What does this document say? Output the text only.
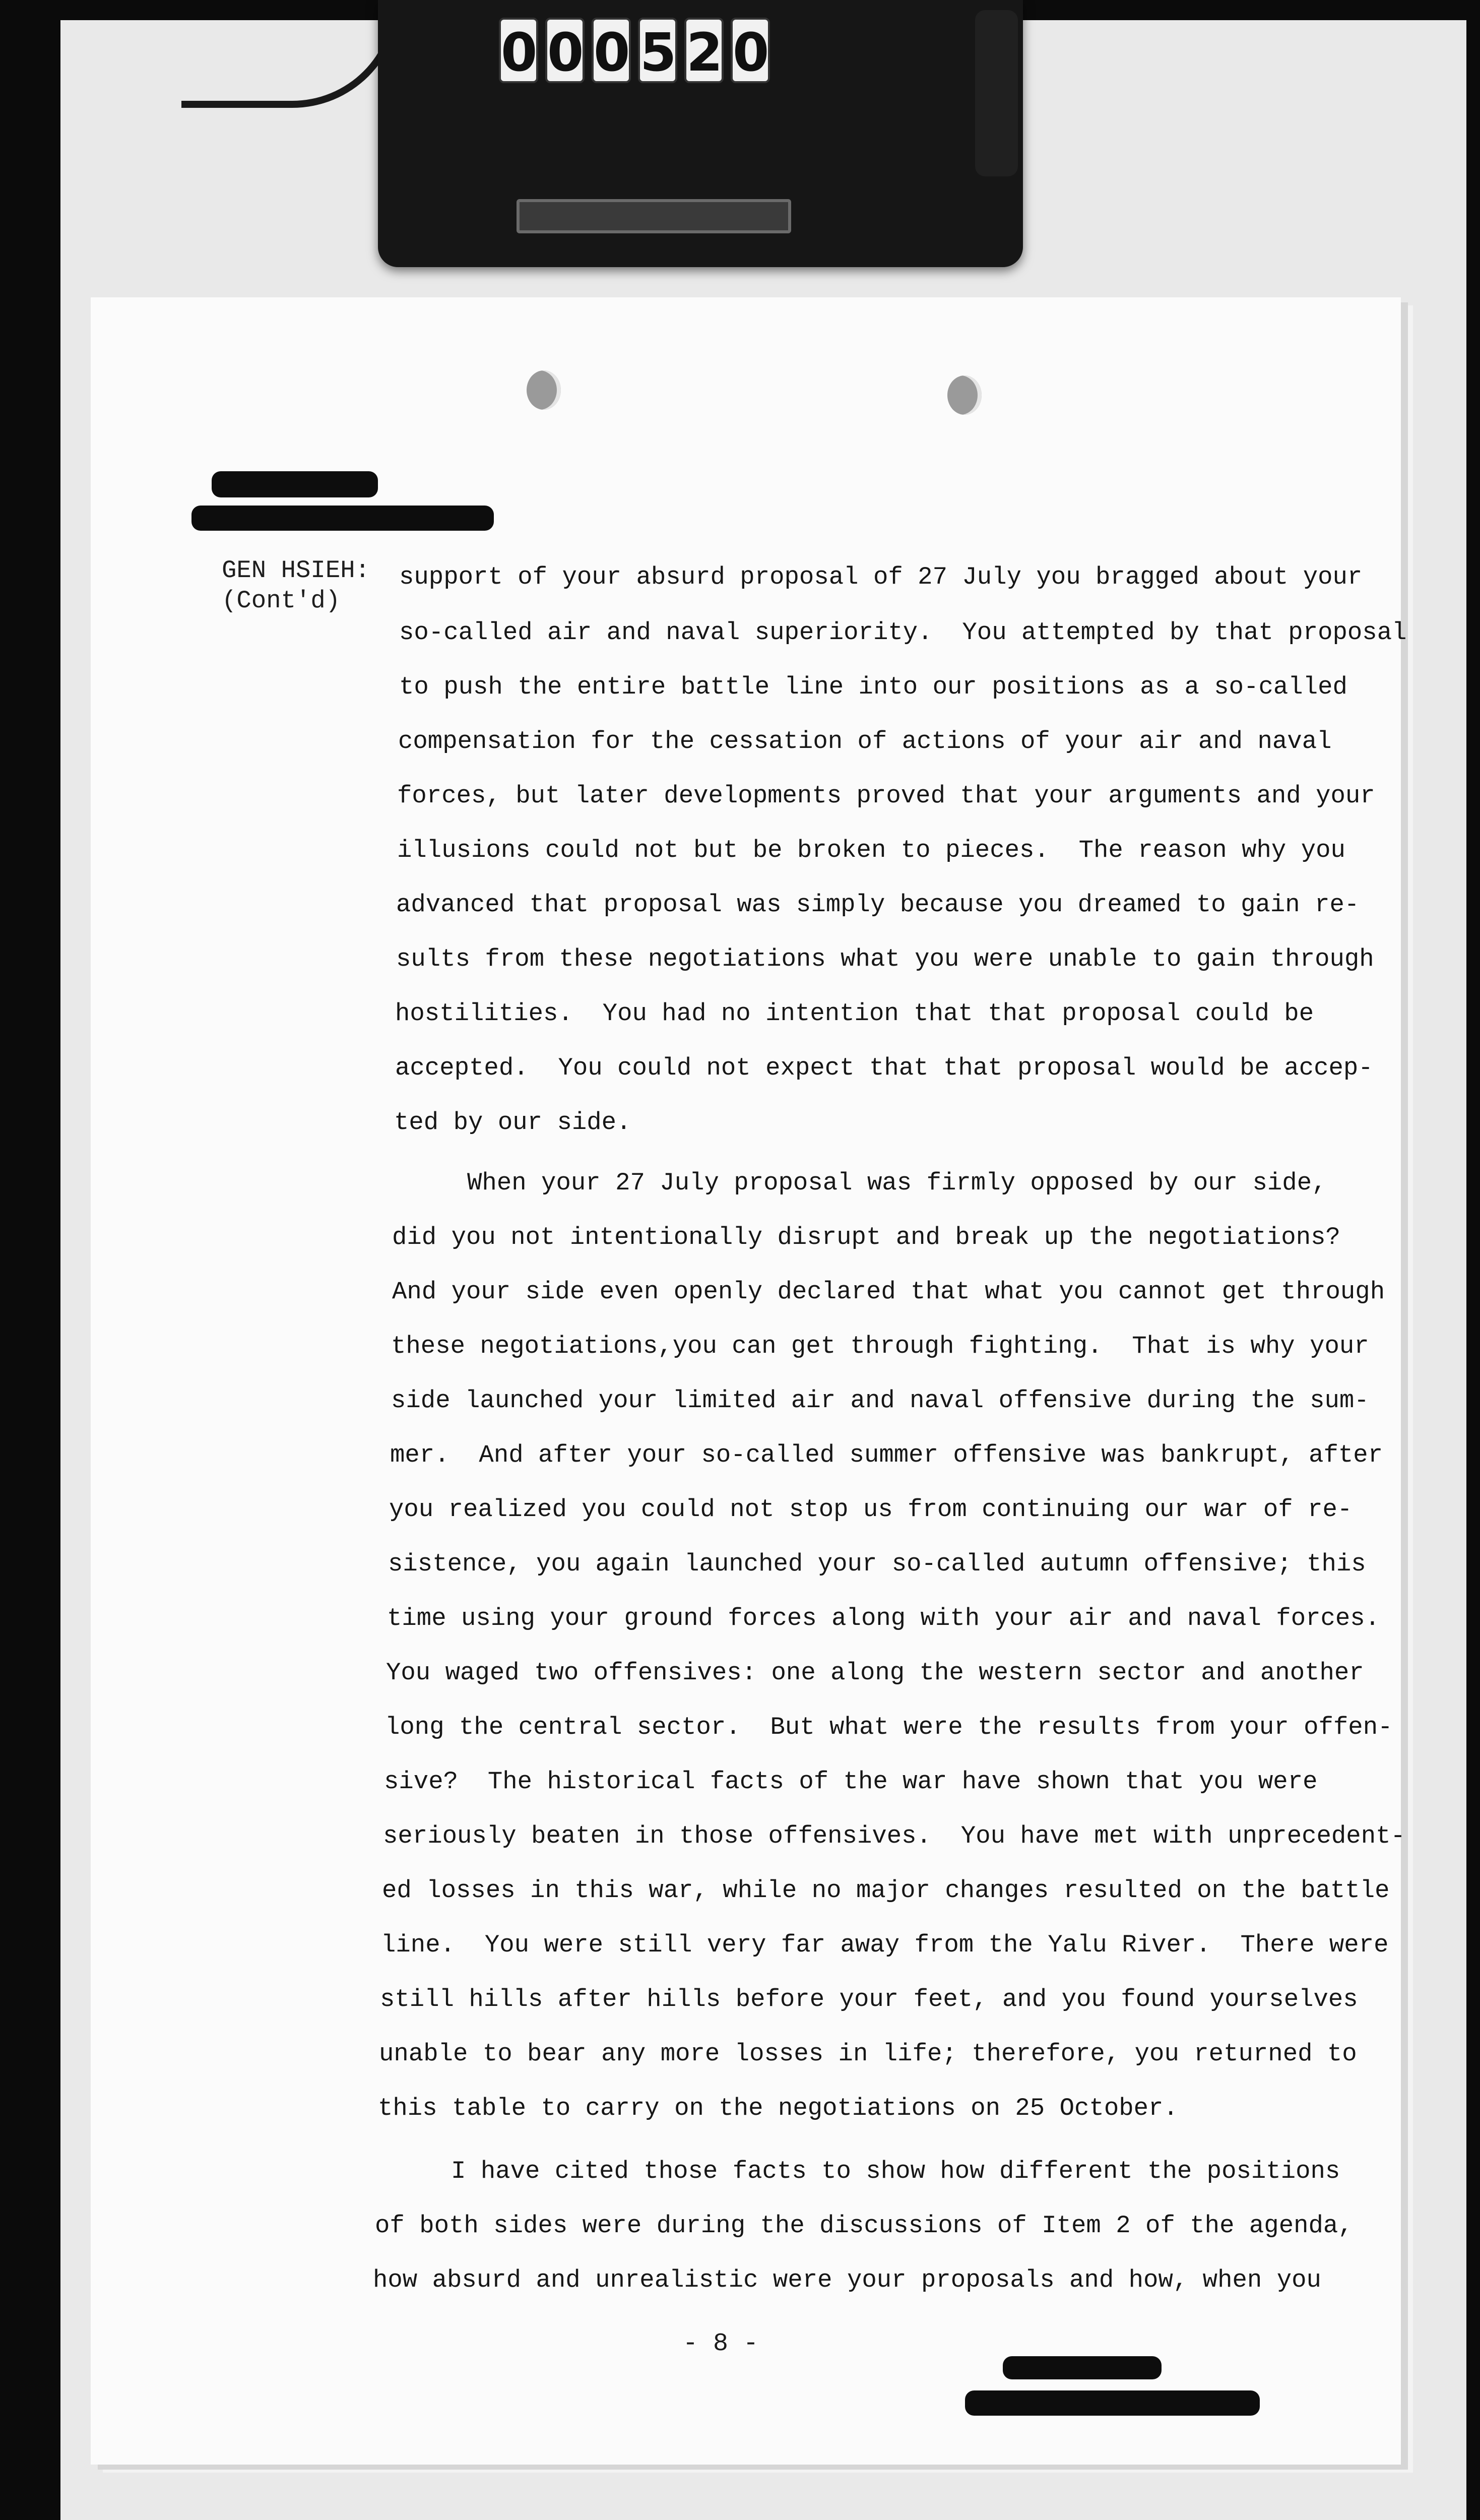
0 0 0 5 2 0
GEN HSIEH:
(Cont'd)
support of your absurd proposal of 27 July you bragged about your
so-called air and naval superiority.  You attempted by that proposal
to push the entire battle line into our positions as a so-called
compensation for the cessation of actions of your air and naval
forces, but later developments proved that your arguments and your
illusions could not but be broken to pieces.  The reason why you
advanced that proposal was simply because you dreamed to gain re-
sults from these negotiations what you were unable to gain through
hostilities.  You had no intention that that proposal could be
accepted.  You could not expect that that proposal would be accep-
ted by our side.
When your 27 July proposal was firmly opposed by our side,
did you not intentionally disrupt and break up the negotiations?
And your side even openly declared that what you cannot get through
these negotiations,you can get through fighting.  That is why your
side launched your limited air and naval offensive during the sum-
mer.  And after your so-called summer offensive was bankrupt, after
you realized you could not stop us from continuing our war of re-
sistence, you again launched your so-called autumn offensive; this
time using your ground forces along with your air and naval forces.
You waged two offensives: one along the western sector and another
long the central sector.  But what were the results from your offen-
sive?  The historical facts of the war have shown that you were
seriously beaten in those offensives.  You have met with unprecedent-
ed losses in this war, while no major changes resulted on the battle
line.  You were still very far away from the Yalu River.  There were
still hills after hills before your feet, and you found yourselves
unable to bear any more losses in life; therefore, you returned to
this table to carry on the negotiations on 25 October.
I have cited those facts to show how different the positions
of both sides were during the discussions of Item 2 of the agenda,
how absurd and unrealistic were your proposals and how, when you
- 8 -
